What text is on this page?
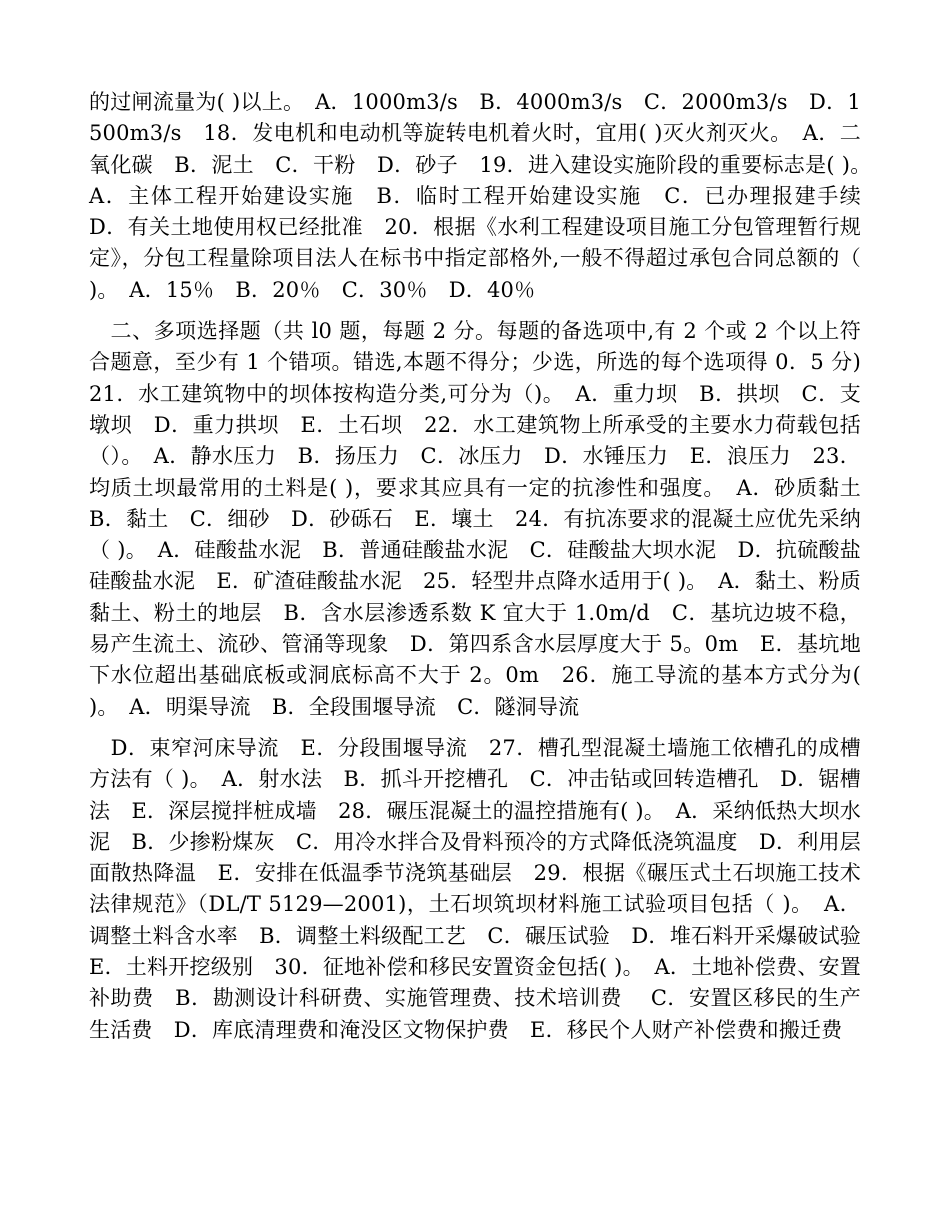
的过闸流量为( )以上。　A．1000m3/s　B．4000m3/s　C．2000m3/s　D．1500m3/s　18．发电机和电动机等旋转电机着火时，宜用( )灭火剂灭火。　A．二氧化碳　B．泥土　C．干粉　D．砂子　19．进入建设实施阶段的重要标志是( )。　A．主体工程开始建设实施　B．临时工程开始建设实施　C．已办理报建手续　D．有关土地使用权已经批准　20．根据《水利工程建设项目施工分包管理暂行规定》，分包工程量除项目法人在标书中指定部格外,一般不得超过承包合同总额的（ )。　A．15％　B．20％　C．30％　D．40％

　二、多项选择题（共 l0 题，每题 2 分。每题的备选项中,有 2 个或 2 个以上符合题意，至少有 1 个错项。错选,本题不得分；少选，所选的每个选项得 0．5 分)　21．水工建筑物中的坝体按构造分类,可分为（)。　A．重力坝　B．拱坝　C．支墩坝　D．重力拱坝　E．土石坝　22．水工建筑物上所承受的主要水力荷载包括（）。　A．静水压力　B．扬压力　C．冰压力　D．水锤压力　E．浪压力　23．均质土坝最常用的土料是( )，要求其应具有一定的抗渗性和强度。　A．砂质黏土　B．黏土　C．细砂　D．砂砾石　E．壤土　24．有抗冻要求的混凝土应优先采纳（ )。　A．硅酸盐水泥　B．普通硅酸盐水泥　C．硅酸盐大坝水泥　D．抗硫酸盐硅酸盐水泥　E．矿渣硅酸盐水泥　25．轻型井点降水适用于( )。　A．黏土、粉质黏土、粉土的地层　B．含水层渗透系数 K 宜大于 1.0m/d　C．基坑边坡不稳，易产生流土、流砂、管涌等现象　D．第四系含水层厚度大于 5。0m　E．基坑地下水位超出基础底板或洞底标高不大于 2。0m　26．施工导流的基本方式分为( )。　A．明渠导流　B．全段围堰导流　C．隧洞导流

　D．束窄河床导流　E．分段围堰导流　27．槽孔型混凝土墙施工依槽孔的成槽方法有（ )。　A．射水法　B．抓斗开挖槽孔　C．冲击钻或回转造槽孔　D．锯槽法　E．深层搅拌桩成墙　28．碾压混凝土的温控措施有( )。　A．采纳低热大坝水泥　B．少掺粉煤灰　C．用冷水拌合及骨料预冷的方式降低浇筑温度　D．利用层面散热降温　E．安排在低温季节浇筑基础层　29．根据《碾压式土石坝施工技术法律规范》（DL/T 5129—2001)，土石坝筑坝材料施工试验项目包括（ )。　A．调整土料含水率　B．调整土料级配工艺　C．碾压试验　D．堆石料开采爆破试验　E．土料开挖级别　30．征地补偿和移民安置资金包括( )。　A．土地补偿费、安置补助费　B．勘测设计科研费、实施管理费、技术培训费　 C．安置区移民的生产生活费　D．库底清理费和淹没区文物保护费　E．移民个人财产补偿费和搬迁费
